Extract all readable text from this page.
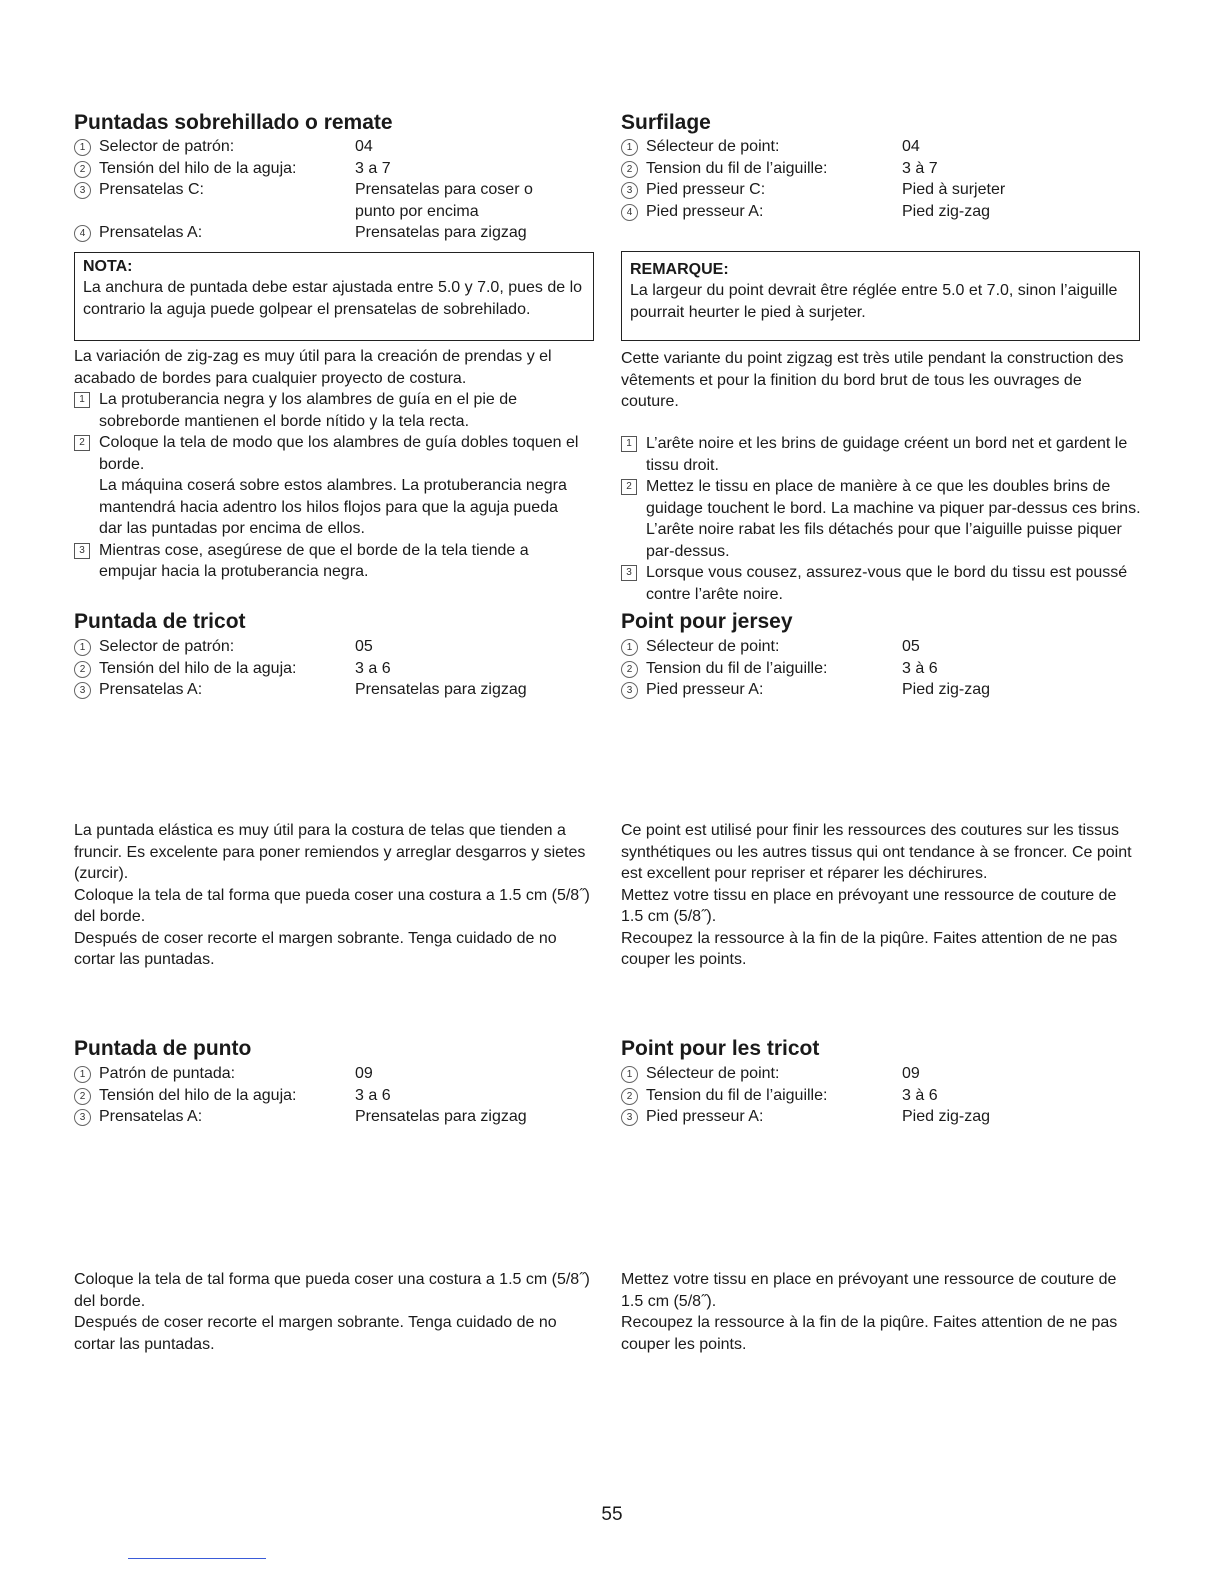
Puntadas sobrehillado o remate
1 Selector de patrón:	04
2 Tensión del hilo de la aguja:	3 a 7
3 Prensatelas C:	Prensatelas para coser o
punto por encima
4 Prensatelas A:	Prensatelas para zigzag
NOTA:
La anchura de puntada debe estar ajustada entre 5.0 y 7.0, pues de lo contrario la aguja puede golpear el prensatelas de sobrehilado.

La variación de zig-zag es muy útil para la creación de prendas y el acabado de bordes para cualquier proyecto de costura.

1 La protuberancia negra y los alambres de guía en el pie de sobreborde mantienen el borde nítido y la tela recta.

2 Coloque la tela de modo que los alambres de guía dobles toquen el borde.

La máquina coserá sobre estos alambres. La protuberancia negra mantendrá hacia adentro los hilos flojos para que la aguja pueda dar las puntadas por encima de ellos.

3 Mientras cose, asegúrese de que el borde de la tela tiende a empujar hacia la protuberancia negra.

Puntada de tricot
1 Selector de patrón:	05
2 Tensión del hilo de la aguja:	3 a 6
3 Prensatelas A:	Prensatelas para zigzag

La puntada elástica es muy útil para la costura de telas que tienden a fruncir. Es excelente para poner remiendos y arreglar desgarros y sietes (zurcir).

Coloque la tela de tal forma que pueda coser una costura a 1.5 cm (5/8˝) del borde.

Después de coser recorte el margen sobrante. Tenga cuidado de no cortar las puntadas.

Puntada de punto
1 Patrón de puntada:	09
2 Tensión del hilo de la aguja:	3 a 6
3 Prensatelas A:	Prensatelas para zigzag

Coloque la tela de tal forma que pueda coser una costura a 1.5 cm (5/8˝) del borde.

Después de coser recorte el margen sobrante. Tenga cuidado de no cortar las puntadas.

Surfilage
1 Sélecteur de point:	04
2 Tension du fil de l’aiguille:	3 à 7
3 Pied presseur C:	Pied à surjeter
4 Pied presseur A:	Pied zig-zag
REMARQUE:
La largeur du point devrait être réglée entre 5.0 et 7.0, sinon l’aiguille pourrait heurter le pied à surjeter.

Cette variante du point zigzag est très utile pendant la construction des vêtements et pour la finition du bord brut de tous les ouvrages de couture.

1 L’arête noire et les brins de guidage créent un bord net et gardent le tissu droit.

2 Mettez le tissu en place de manière à ce que les doubles brins de guidage touchent le bord. La machine va piquer par-dessus ces brins. L’arête noire rabat les fils détachés pour que l’aiguille puisse piquer par-dessus.

3 Lorsque vous cousez, assurez-vous que le bord du tissu est poussé contre l’arête noire.

Point pour jersey
1 Sélecteur de point:	05
2 Tension du fil de l’aiguille:	3 à 6
3 Pied presseur A:	Pied zig-zag

Ce point est utilisé pour finir les ressources des coutures sur les tissus synthétiques ou les autres tissus qui ont tendance à se froncer. Ce point est excellent pour repriser et réparer les déchirures.

Mettez votre tissu en place en prévoyant une ressource de couture de 1.5 cm (5/8˝).

Recoupez la ressource à la fin de la piqûre. Faites attention de ne pas couper les points.

Point pour les tricot
1 Sélecteur de point:	09
2 Tension du fil de l’aiguille:	3 à 6
3 Pied presseur A:	Pied zig-zag

Mettez votre tissu en place en prévoyant une ressource de couture de 1.5 cm (5/8˝).

Recoupez la ressource à la fin de la piqûre. Faites attention de ne pas couper les points.

55
